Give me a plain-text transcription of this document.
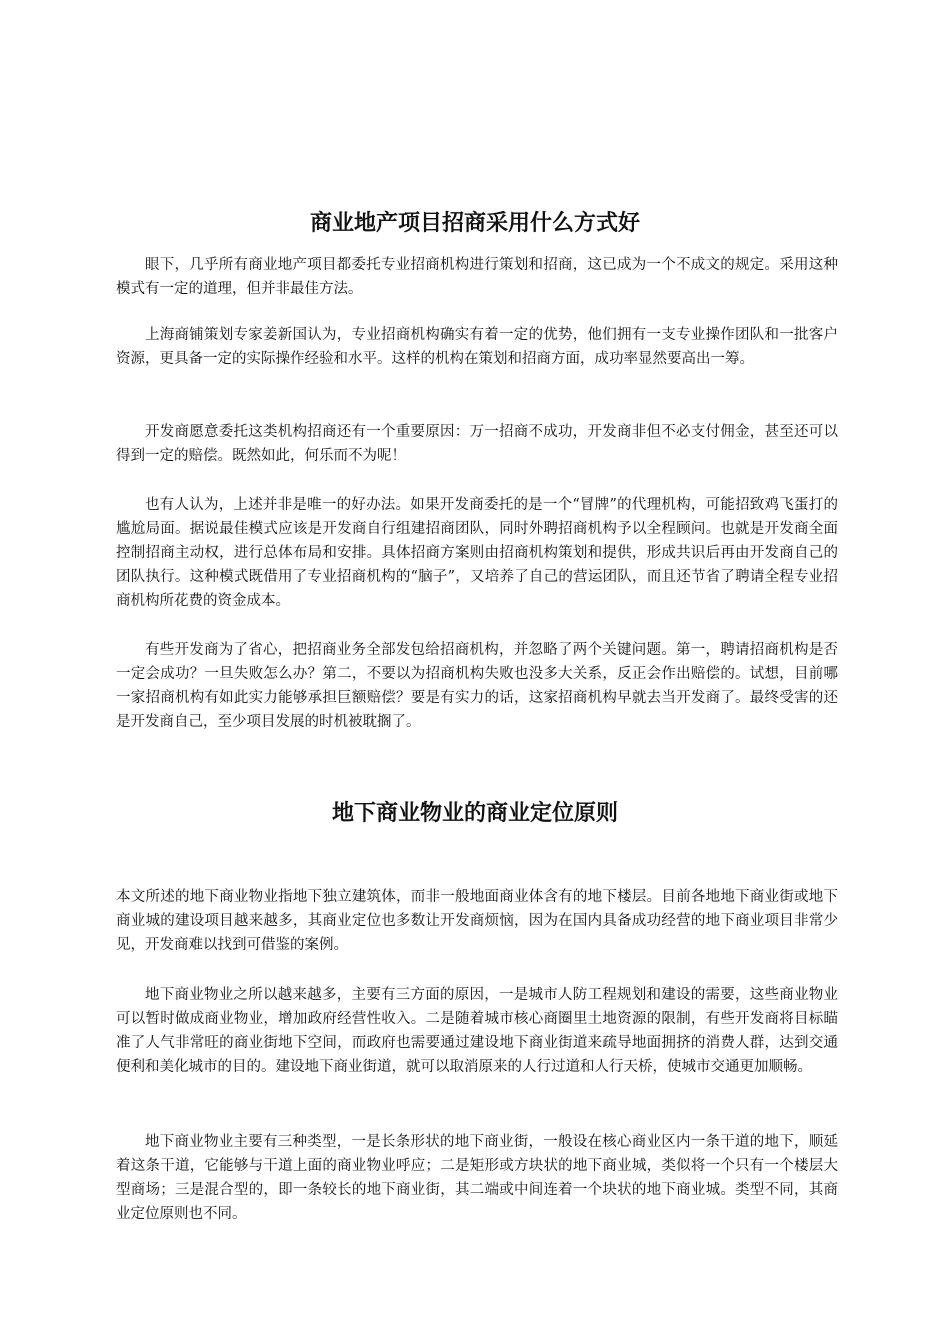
商业地产项目招商采用什么方式好

眼下，几乎所有商业地产项目都委托专业招商机构进行策划和招商，这已成为一个不成文的规定。采用这种模式有一定的道理，但并非最佳方法。

上海商铺策划专家姜新国认为，专业招商机构确实有着一定的优势，他们拥有一支专业操作团队和一批客户资源，更具备一定的实际操作经验和水平。这样的机构在策划和招商方面，成功率显然要高出一筹。

开发商愿意委托这类机构招商还有一个重要原因：万一招商不成功，开发商非但不必支付佣金，甚至还可以得到一定的赔偿。既然如此，何乐而不为呢！

也有人认为，上述并非是唯一的好办法。如果开发商委托的是一个“冒牌”的代理机构，可能招致鸡飞蛋打的尴尬局面。据说最佳模式应该是开发商自行组建招商团队，同时外聘招商机构予以全程顾问。也就是开发商全面控制招商主动权，进行总体布局和安排。具体招商方案则由招商机构策划和提供，形成共识后再由开发商自己的团队执行。这种模式既借用了专业招商机构的“脑子”，又培养了自己的营运团队，而且还节省了聘请全程专业招商机构所花费的资金成本。

有些开发商为了省心，把招商业务全部发包给招商机构，并忽略了两个关键问题。第一，聘请招商机构是否一定会成功？一旦失败怎么办？第二，不要以为招商机构失败也没多大关系，反正会作出赔偿的。试想，目前哪一家招商机构有如此实力能够承担巨额赔偿？要是有实力的话，这家招商机构早就去当开发商了。最终受害的还是开发商自己，至少项目发展的时机被耽搁了。

地下商业物业的商业定位原则

本文所述的地下商业物业指地下独立建筑体，而非一般地面商业体含有的地下楼层。目前各地地下商业街或地下商业城的建设项目越来越多，其商业定位也多数让开发商烦恼，因为在国内具备成功经营的地下商业项目非常少见，开发商难以找到可借鉴的案例。

地下商业物业之所以越来越多，主要有三方面的原因，一是城市人防工程规划和建设的需要，这些商业物业可以暂时做成商业物业，增加政府经营性收入。二是随着城市核心商圈里土地资源的限制，有些开发商将目标瞄准了人气非常旺的商业街地下空间，而政府也需要通过建设地下商业街道来疏导地面拥挤的消费人群，达到交通便利和美化城市的目的。建设地下商业街道，就可以取消原来的人行过道和人行天桥，使城市交通更加顺畅。

地下商业物业主要有三种类型，一是长条形状的地下商业街，一般设在核心商业区内一条干道的地下，顺延着这条干道，它能够与干道上面的商业物业呼应；二是矩形或方块状的地下商业城，类似将一个只有一个楼层大型商场；三是混合型的，即一条较长的地下商业街，其二端或中间连着一个块状的地下商业城。类型不同，其商业定位原则也不同。
